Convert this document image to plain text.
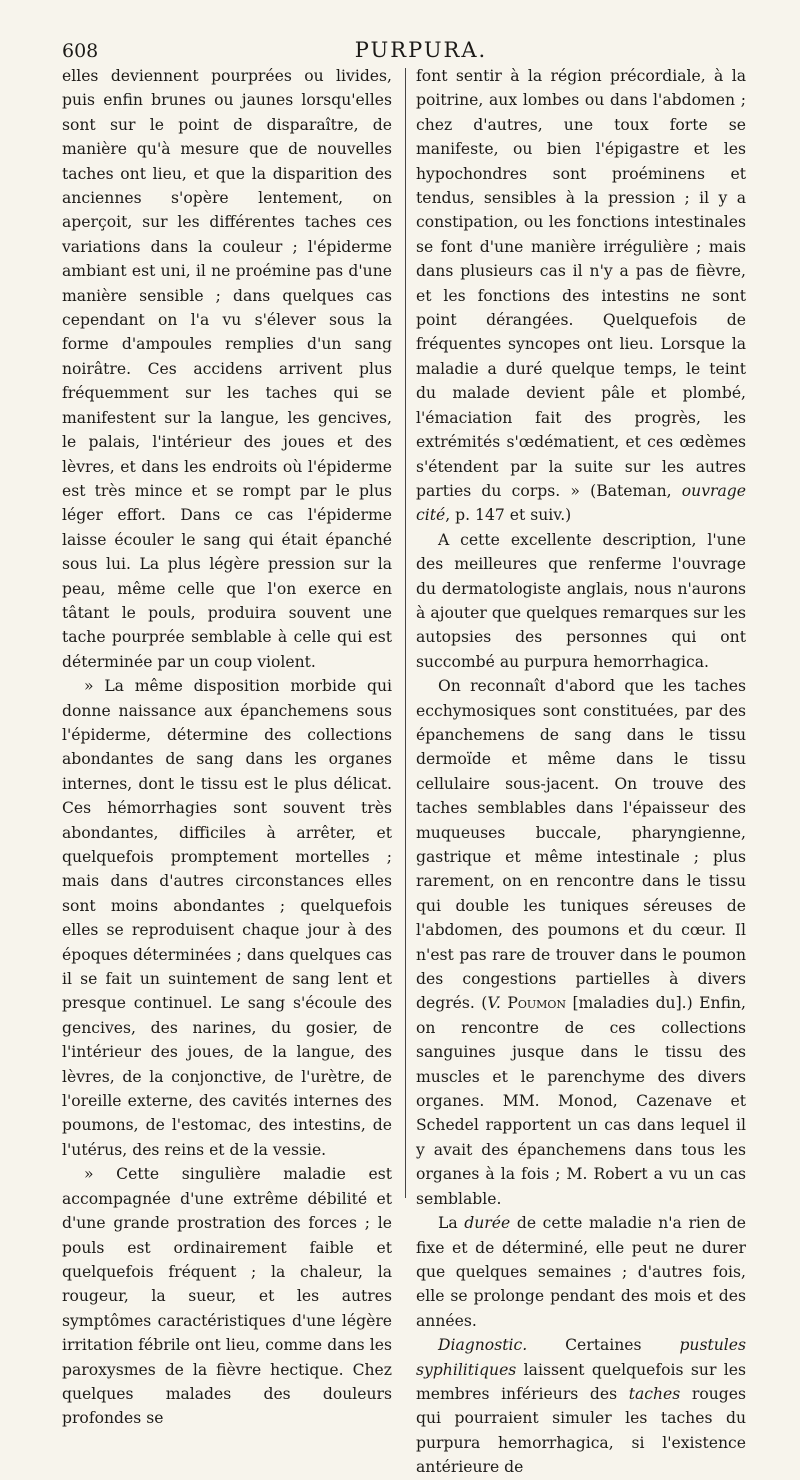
608	PURPURA.

elles deviennent pourprées ou livides, puis enfin brunes ou jaunes lorsqu'elles sont sur le point de disparaître, de manière qu'à mesure que de nouvelles taches ont lieu, et que la disparition des anciennes s'opère lentement, on aperçoit, sur les différentes taches ces variations dans la couleur ; l'épiderme ambiant est uni, il ne proémine pas d'une manière sensible ; dans quelques cas cependant on l'a vu s'élever sous la forme d'ampoules remplies d'un sang noirâtre. Ces accidens arrivent plus fréquemment sur les taches qui se manifestent sur la langue, les gencives, le palais, l'intérieur des joues et des lèvres, et dans les endroits où l'épiderme est très mince et se rompt par le plus léger effort. Dans ce cas l'épiderme laisse écouler le sang qui était épanché sous lui. La plus légère pression sur la peau, même celle que l'on exerce en tâtant le pouls, produira souvent une tache pourprée semblable à celle qui est déterminée par un coup violent.

» La même disposition morbide qui donne naissance aux épanchemens sous l'épiderme, détermine des collections abondantes de sang dans les organes internes, dont le tissu est le plus délicat. Ces hémorrhagies sont souvent très abondantes, difficiles à arrêter, et quelquefois promptement mortelles ; mais dans d'autres circonstances elles sont moins abondantes ; quelquefois elles se reproduisent chaque jour à des époques déterminées ; dans quelques cas il se fait un suintement de sang lent et presque continuel. Le sang s'écoule des gencives, des narines, du gosier, de l'intérieur des joues, de la langue, des lèvres, de la conjonctive, de l'urètre, de l'oreille externe, des cavités internes des poumons, de l'estomac, des intestins, de l'utérus, des reins et de la vessie.

» Cette singulière maladie est accompagnée d'une extrême débilité et d'une grande prostration des forces ; le pouls est ordinairement faible et quelquefois fréquent ; la chaleur, la rougeur, la sueur, et les autres symptômes caractéristiques d'une légère irritation fébrile ont lieu, comme dans les paroxysmes de la fièvre hectique. Chez quelques malades des douleurs profondes se

font sentir à la région précordiale, à la poitrine, aux lombes ou dans l'abdomen ; chez d'autres, une toux forte se manifeste, ou bien l'épigastre et les hypochondres sont proéminens et tendus, sensibles à la pression ; il y a constipation, ou les fonctions intestinales se font d'une manière irrégulière ; mais dans plusieurs cas il n'y a pas de fièvre, et les fonctions des intestins ne sont point dérangées. Quelquefois de fréquentes syncopes ont lieu. Lorsque la maladie a duré quelque temps, le teint du malade devient pâle et plombé, l'émaciation fait des progrès, les extrémités s'œdématient, et ces œdèmes s'étendent par la suite sur les autres parties du corps. » (Bateman, ouvrage cité, p. 147 et suiv.)

A cette excellente description, l'une des meilleures que renferme l'ouvrage du dermatologiste anglais, nous n'aurons à ajouter que quelques remarques sur les autopsies des personnes qui ont succombé au purpura hemorrhagica.

On reconnaît d'abord que les taches ecchymosiques sont constituées, par des épanchemens de sang dans le tissu dermoïde et même dans le tissu cellulaire sous-jacent. On trouve des taches semblables dans l'épaisseur des muqueuses buccale, pharyngienne, gastrique et même intestinale ; plus rarement, on en rencontre dans le tissu qui double les tuniques séreuses de l'abdomen, des poumons et du cœur. Il n'est pas rare de trouver dans le poumon des congestions partielles à divers degrés. (V. Poumon [maladies du].) Enfin, on rencontre de ces collections sanguines jusque dans le tissu des muscles et le parenchyme des divers organes. MM. Monod, Cazenave et Schedel rapportent un cas dans lequel il y avait des épanchemens dans tous les organes à la fois ; M. Robert a vu un cas semblable.

La durée de cette maladie n'a rien de fixe et de déterminé, elle peut ne durer que quelques semaines ; d'autres fois, elle se prolonge pendant des mois et des années.

Diagnostic. Certaines pustules syphilitiques laissent quelquefois sur les membres inférieurs des taches rouges qui pourraient simuler les taches du purpura hemorrhagica, si l'existence antérieure de
